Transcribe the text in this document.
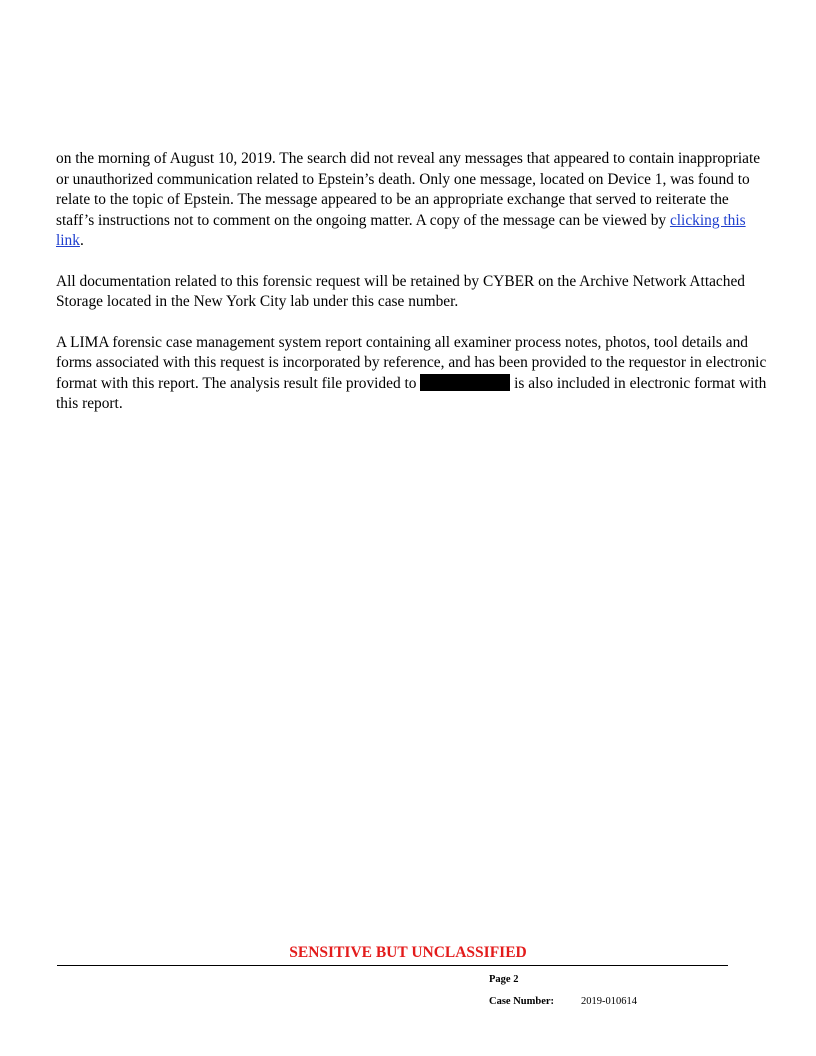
on the morning of August 10, 2019. The search did not reveal any messages that appeared to contain inappropriate or unauthorized communication related to Epstein’s death. Only one message, located on Device 1, was found to relate to the topic of Epstein. The message appeared to be an appropriate exchange that served to reiterate the staff’s instructions not to comment on the ongoing matter. A copy of the message can be viewed by clicking this link.

All documentation related to this forensic request will be retained by CYBER on the Archive Network Attached Storage located in the New York City lab under this case number.

A LIMA forensic case management system report containing all examiner process notes, photos, tool details and forms associated with this request is incorporated by reference, and has been provided to the requestor in electronic format with this report. The analysis result file provided to	is also included in electronic format with this report.

SENSITIVE BUT UNCLASSIFIED
Page 2
Case Number:	2019-010614
